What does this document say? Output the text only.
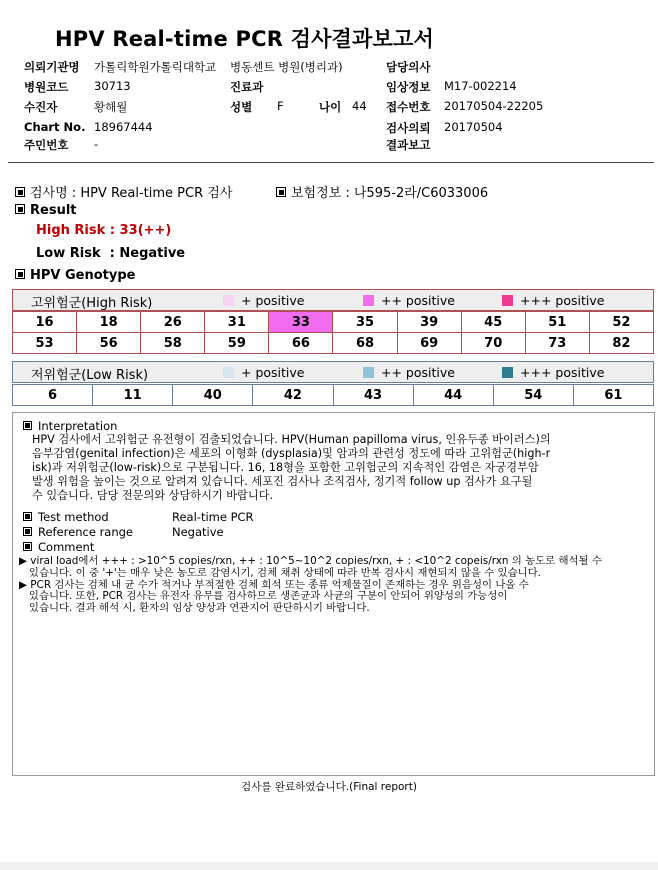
HPV Real-time PCR 검사결과보고서
의뢰기관명 가톨릭학원가톨릭대학교 병동센트 병원(병리과)	담당의사
병원코드 30713	진료과	임상정보 M17-002214
수진자	황해월	성별 F	나이 44 접수번호 20170504-22205
Chart No. 18967444	검사의뢰 20170504
주민번호 -	결과보고
검사명 : HPV Real-time PCR 검사	보험정보 : 나595-2라/C6033006
Result
High Risk : 33(++)
Low Risk  : Negative
HPV Genotype
고위험군(High Risk)	+ positive	++ positive	+++ positive
16	18	26	31	33	35	39	45	51	52
53	56	58	59	66	68	69	70	73	82
저위험군(Low Risk)	+ positive	++ positive	+++ positive
6	11	40	42	43	44	54	61
Interpretation
HPV 검사에서 고위험군 유전형이 검출되었습니다. HPV(Human papilloma virus, 인유두종 바이러스)의
음부감염(genital infection)은 세포의 이형화 (dysplasia)및 암과의 관련성 정도에 따라 고위험군(high-r
isk)과 저위험군(low-risk)으로 구분됩니다. 16, 18형을 포함한 고위험군의 지속적인 감염은 자궁경부암
발생 위험을 높이는 것으로 알려져 있습니다. 세포진 검사나 조직검사, 정기적 follow up 검사가 요구될
수 있습니다. 담당 전문의와 상담하시기 바랍니다.
Test method	Real-time PCR
Reference range	Negative
Comment
▶ viral load에서 +++ : >10^5 copies/rxn, ++ : 10^5~10^2 copies/rxn, + : <10^2 copeis/rxn 의 농도로 해석될 수
있습니다. 이 중 '+'는 매우 낮은 농도로 감염시기, 검체 채취 상태에 따라 반복 검사시 재현되지 않을 수 있습니다.
▶ PCR 검사는 검체 내 균 수가 적거나 부적절한 검체 희석 또는 종류 억제물질이 존재하는 경우 위음성이 나올 수
있습니다. 또한, PCR 검사는 유전자 유무를 검사하므로 생존균과 사균의 구분이 안되어 위양성의 가능성이
있습니다. 결과 해석 시, 환자의 임상 양상과 연관지어 판단하시기 바랍니다.
검사를 완료하였습니다.(Final report)
